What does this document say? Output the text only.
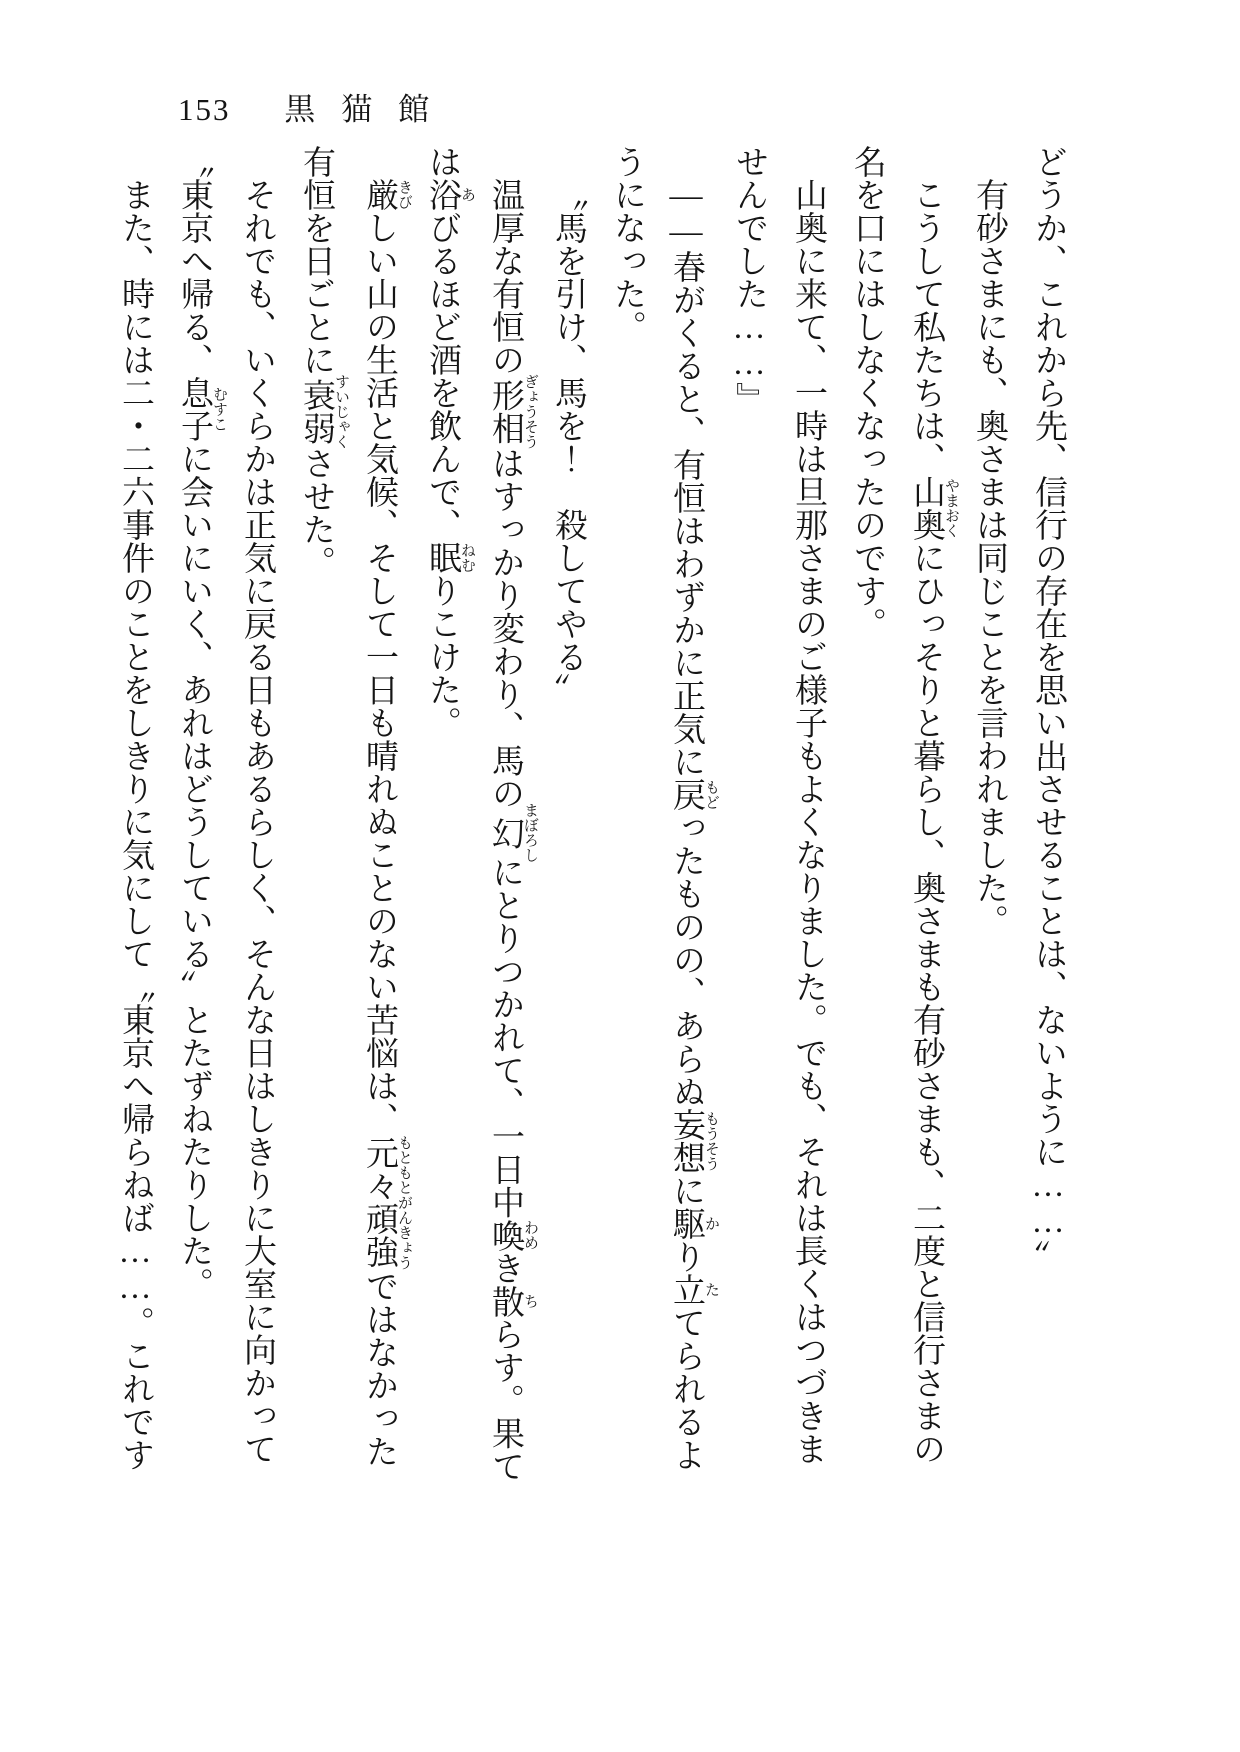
153 黒猫館
どうか、これから先、信行の存在を思い出させることは、ないように……〞
有砂さまにも、奥さまは同じことを言われました。
こうして私たちは、山奥 やまおくにひっそりと暮らし、奥さまも有砂さまも、二度と信行さまの
名を口にはしなくなったのです。
山奥に来て、一時は旦那さまのご様子もよくなりました。でも、それは長くはつづきま
せんでした……』
――春がくると、有恒はわずかに正気に戻 もどったものの、あらぬ妄想 もうそうに駆 かり立 たてられるよ
うになった。
〝馬を引け、馬を！　殺してやる〞
温厚な有恒の形相 ぎょうそうはすっかり変わり、馬の幻 まぼろしにとりつかれて、一日中喚 わめき散 ちらす。果て
は浴 あびるほど酒を飲んで、眠 ねむりこけた。
厳 きびしい山の生活と気候、そして一日も晴れぬことのない苦悩は、元々頑強 もともとがんきょうではなかった
有恒を日ごとに衰弱 すいじゃくさせた。
それでも、いくらかは正気に戻る日もあるらしく、そんな日はしきりに大室に向かって
〝東京へ帰る、息子 むすこに会いにいく、あれはどうしている〞とたずねたりした。
また、時には二・二六事件のことをしきりに気にして〝東京へ帰らねば……。これです
